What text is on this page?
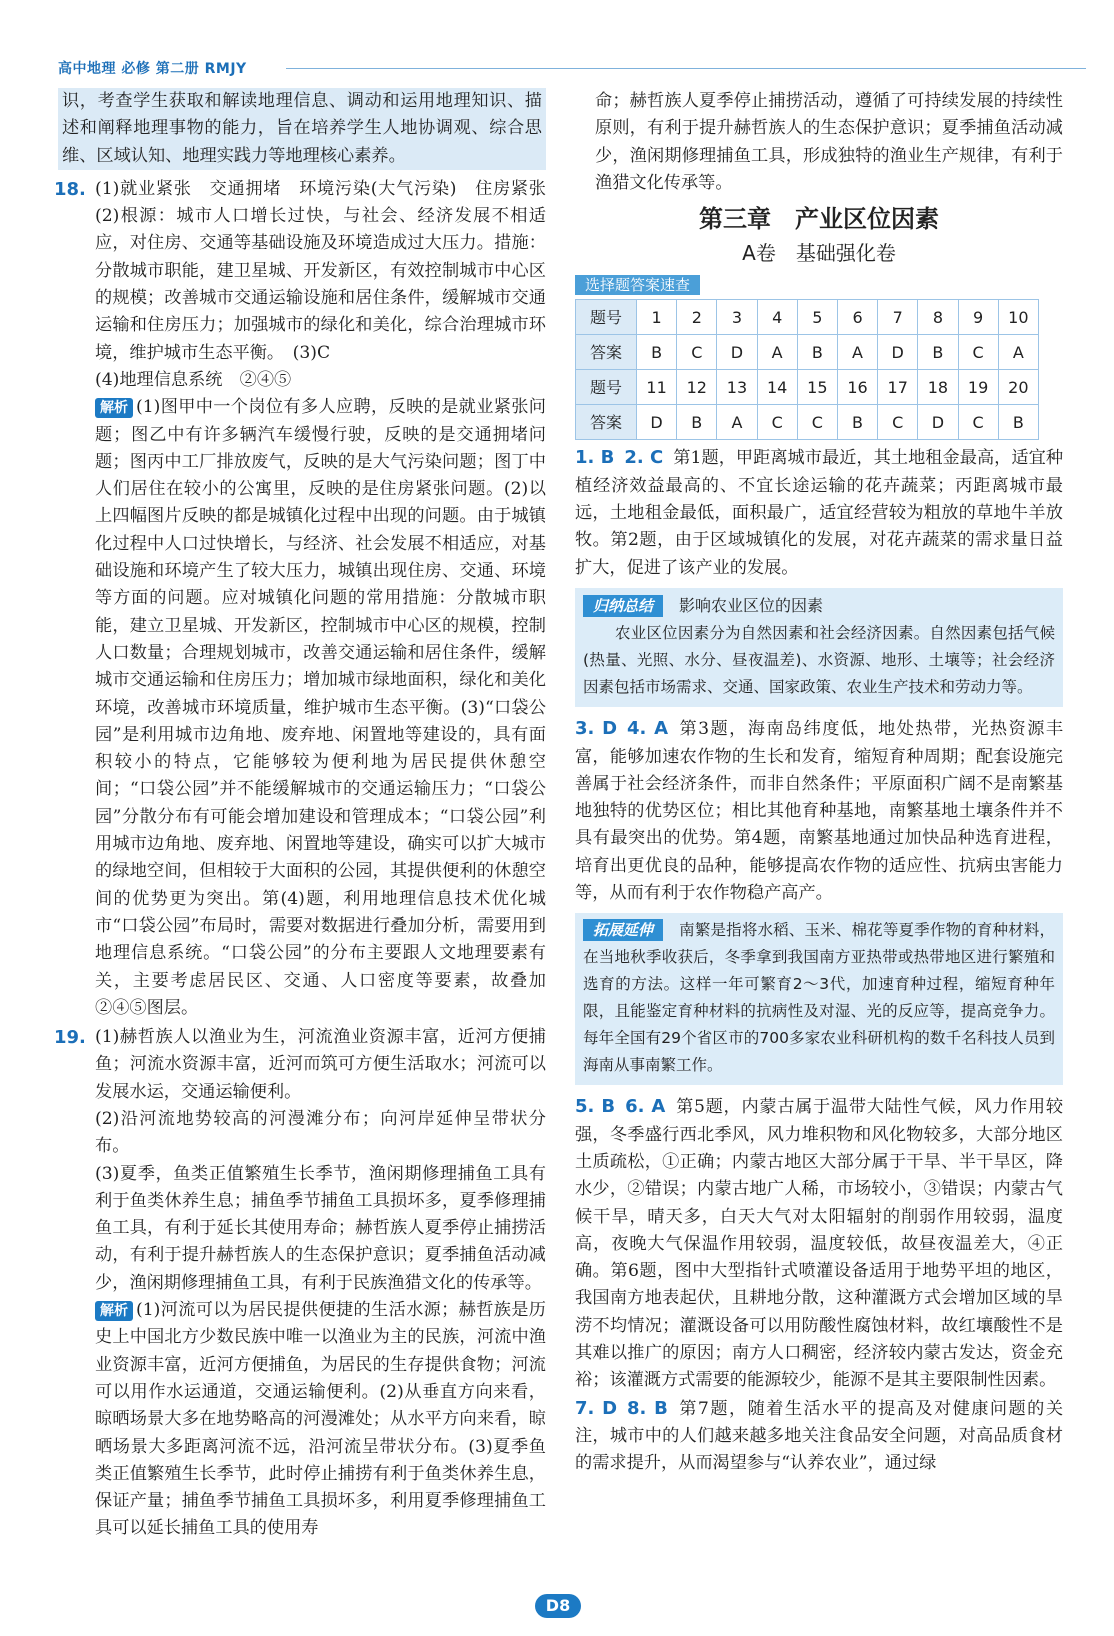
高中地理 必修 第二册 RMJY

识，考查学生获取和解读地理信息、调动和运用地理知识、描述和阐释地理事物的能力，旨在培养学生人地协调观、综合思维、区域认知、地理实践力等地理核心素养。

18. (1)就业紧张　交通拥堵　环境污染(大气污染)　住房紧张　(2)根源：城市人口增长过快，与社会、经济发展不相适应，对住房、交通等基础设施及环境造成过大压力。措施：分散城市职能，建卫星城、开发新区，有效控制城市中心区的规模；改善城市交通运输设施和居住条件，缓解城市交通运输和住房压力；加强城市的绿化和美化，综合治理城市环境，维护城市生态平衡。　(3)C

(4)地理信息系统　②④⑤

解析 (1)图甲中一个岗位有多人应聘，反映的是就业紧张问题；图乙中有许多辆汽车缓慢行驶，反映的是交通拥堵问题；图丙中工厂排放废气，反映的是大气污染问题；图丁中人们居住在较小的公寓里，反映的是住房紧张问题。(2)以上四幅图片反映的都是城镇化过程中出现的问题。由于城镇化过程中人口过快增长，与经济、社会发展不相适应，对基础设施和环境产生了较大压力，城镇出现住房、交通、环境等方面的问题。应对城镇化问题的常用措施：分散城市职能，建立卫星城、开发新区，控制城市中心区的规模，控制人口数量；合理规划城市，改善交通运输和居住条件，缓解城市交通运输和住房压力；增加城市绿地面积，绿化和美化环境，改善城市环境质量，维护城市生态平衡。(3)“口袋公园”是利用城市边角地、废弃地、闲置地等建设的，具有面积较小的特点，它能够较为便利地为居民提供休憩空间；“口袋公园”并不能缓解城市的交通运输压力；“口袋公园”分散分布有可能会增加建设和管理成本；“口袋公园”利用城市边角地、废弃地、闲置地等建设，确实可以扩大城市的绿地空间，但相较于大面积的公园，其提供便利的休憩空间的优势更为突出。第(4)题，利用地理信息技术优化城市“口袋公园”布局时，需要对数据进行叠加分析，需要用到地理信息系统。“口袋公园”的分布主要跟人文地理要素有关，主要考虑居民区、交通、人口密度等要素，故叠加②④⑤图层。

19. (1)赫哲族人以渔业为生，河流渔业资源丰富，近河方便捕鱼；河流水资源丰富，近河而筑可方便生活取水；河流可以发展水运，交通运输便利。

(2)沿河流地势较高的河漫滩分布；向河岸延伸呈带状分布。

(3)夏季，鱼类正值繁殖生长季节，渔闲期修理捕鱼工具有利于鱼类休养生息；捕鱼季节捕鱼工具损坏多，夏季修理捕鱼工具，有利于延长其使用寿命；赫哲族人夏季停止捕捞活动，有利于提升赫哲族人的生态保护意识；夏季捕鱼活动减少，渔闲期修理捕鱼工具，有利于民族渔猎文化的传承等。

解析 (1)河流可以为居民提供便捷的生活水源；赫哲族是历史上中国北方少数民族中唯一以渔业为主的民族，河流中渔业资源丰富，近河方便捕鱼，为居民的生存提供食物；河流可以用作水运通道，交通运输便利。(2)从垂直方向来看，晾晒场景大多在地势略高的河漫滩处；从水平方向来看，晾晒场景大多距离河流不远，沿河流呈带状分布。(3)夏季鱼类正值繁殖生长季节，此时停止捕捞有利于鱼类休养生息，保证产量；捕鱼季节捕鱼工具损坏多，利用夏季修理捕鱼工具可以延长捕鱼工具的使用寿

命；赫哲族人夏季停止捕捞活动，遵循了可持续发展的持续性原则，有利于提升赫哲族人的生态保护意识；夏季捕鱼活动减少，渔闲期修理捕鱼工具，形成独特的渔业生产规律，有利于渔猎文化传承等。

第三章　产业区位因素
A卷　基础强化卷
选择题答案速查
题号	1	2	3	4	5	6	7	8	9	10
答案	B	C	D	A	B	A	D	B	C	A
题号	11	12	13	14	15	16	17	18	19	20
答案	D	B	A	C	C	B	C	D	C	B

1. B 2. C 第1题，甲距离城市最近，其土地租金最高，适宜种植经济效益最高的、不宜长途运输的花卉蔬菜；丙距离城市最远，土地租金最低，面积最广，适宜经营较为粗放的草地牛羊放牧。第2题，由于区域城镇化的发展，对花卉蔬菜的需求量日益扩大，促进了该产业的发展。

归纳总结 影响农业区位的因素

农业区位因素分为自然因素和社会经济因素。自然因素包括气候(热量、光照、水分、昼夜温差)、水资源、地形、土壤等；社会经济因素包括市场需求、交通、国家政策、农业生产技术和劳动力等。

3. D 4. A 第3题，海南岛纬度低，地处热带，光热资源丰富，能够加速农作物的生长和发育，缩短育种周期；配套设施完善属于社会经济条件，而非自然条件；平原面积广阔不是南繁基地独特的优势区位；相比其他育种基地，南繁基地土壤条件并不具有最突出的优势。第4题，南繁基地通过加快品种选育进程，培育出更优良的品种，能够提高农作物的适应性、抗病虫害能力等，从而有利于农作物稳产高产。

拓展延伸 南繁是指将水稻、玉米、棉花等夏季作物的育种材料，在当地秋季收获后，冬季拿到我国南方亚热带或热带地区进行繁殖和选育的方法。这样一年可繁育2～3代，加速育种过程，缩短育种年限，且能鉴定育种材料的抗病性及对湿、光的反应等，提高竞争力。每年全国有29个省区市的700多家农业科研机构的数千名科技人员到海南从事南繁工作。

5. B 6. A 第5题，内蒙古属于温带大陆性气候，风力作用较强，冬季盛行西北季风，风力堆积物和风化物较多，大部分地区土质疏松，①正确；内蒙古地区大部分属于干旱、半干旱区，降水少，②错误；内蒙古地广人稀，市场较小，③错误；内蒙古气候干旱，晴天多，白天大气对太阳辐射的削弱作用较弱，温度高，夜晚大气保温作用较弱，温度较低，故昼夜温差大，④正确。第6题，图中大型指针式喷灌设备适用于地势平坦的地区，我国南方地表起伏，且耕地分散，这种灌溉方式会增加区域的旱涝不均情况；灌溉设备可以用防酸性腐蚀材料，故红壤酸性不是其难以推广的原因；南方人口稠密，经济较内蒙古发达，资金充裕；该灌溉方式需要的能源较少，能源不是其主要限制性因素。

7. D 8. B 第7题，随着生活水平的提高及对健康问题的关注，城市中的人们越来越多地关注食品安全问题，对高品质食材的需求提升，从而渴望参与“认养农业”，通过绿

D8
